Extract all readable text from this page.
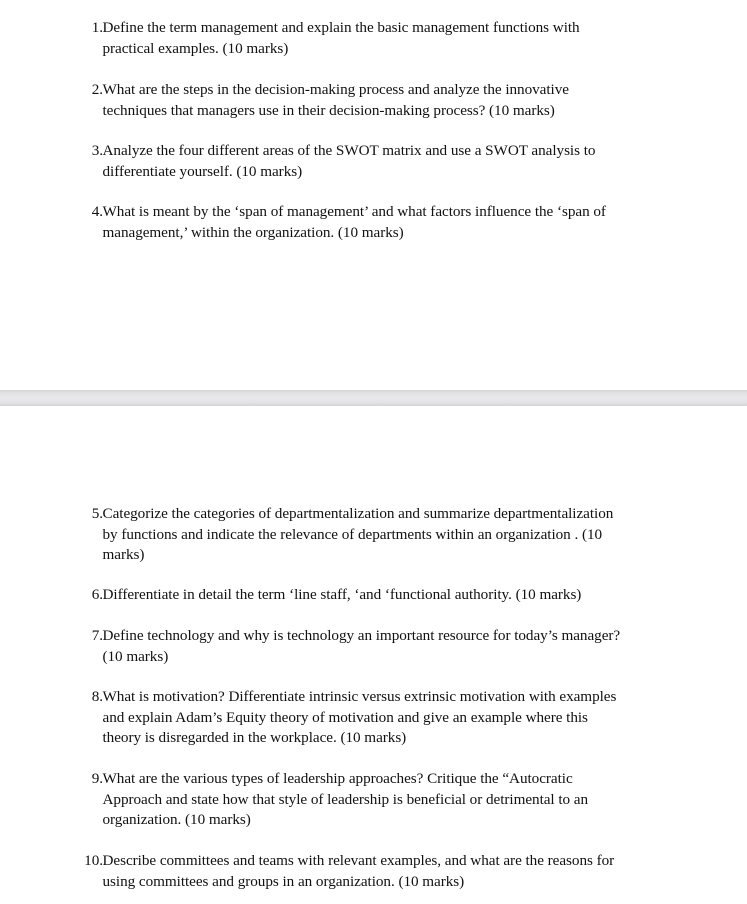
1. Define the term management and explain the basic management functions with
practical examples. (10 marks)
2. What are the steps in the decision-making process and analyze the innovative
techniques that managers use in their decision-making process? (10 marks)
3. Analyze the four different areas of the SWOT matrix and use a SWOT analysis to
differentiate yourself. (10 marks)
4. What is meant by the ‘span of management’ and what factors influence the ‘span of
management,’ within the organization. (10 marks)
5. Categorize the categories of departmentalization and summarize departmentalization
by functions and indicate the relevance of departments within an organization . (10
marks)
6. Differentiate in detail the term ‘line staff, ‘and ‘functional authority. (10 marks)
7. Define technology and why is technology an important resource for today’s manager?
(10 marks)
8. What is motivation? Differentiate intrinsic versus extrinsic motivation with examples
and explain Adam’s Equity theory of motivation and give an example where this
theory is disregarded in the workplace. (10 marks)
9. What are the various types of leadership approaches? Critique the “Autocratic
Approach and state how that style of leadership is beneficial or detrimental to an
organization. (10 marks)
10. Describe committees and teams with relevant examples, and what are the reasons for
using committees and groups in an organization. (10 marks)
